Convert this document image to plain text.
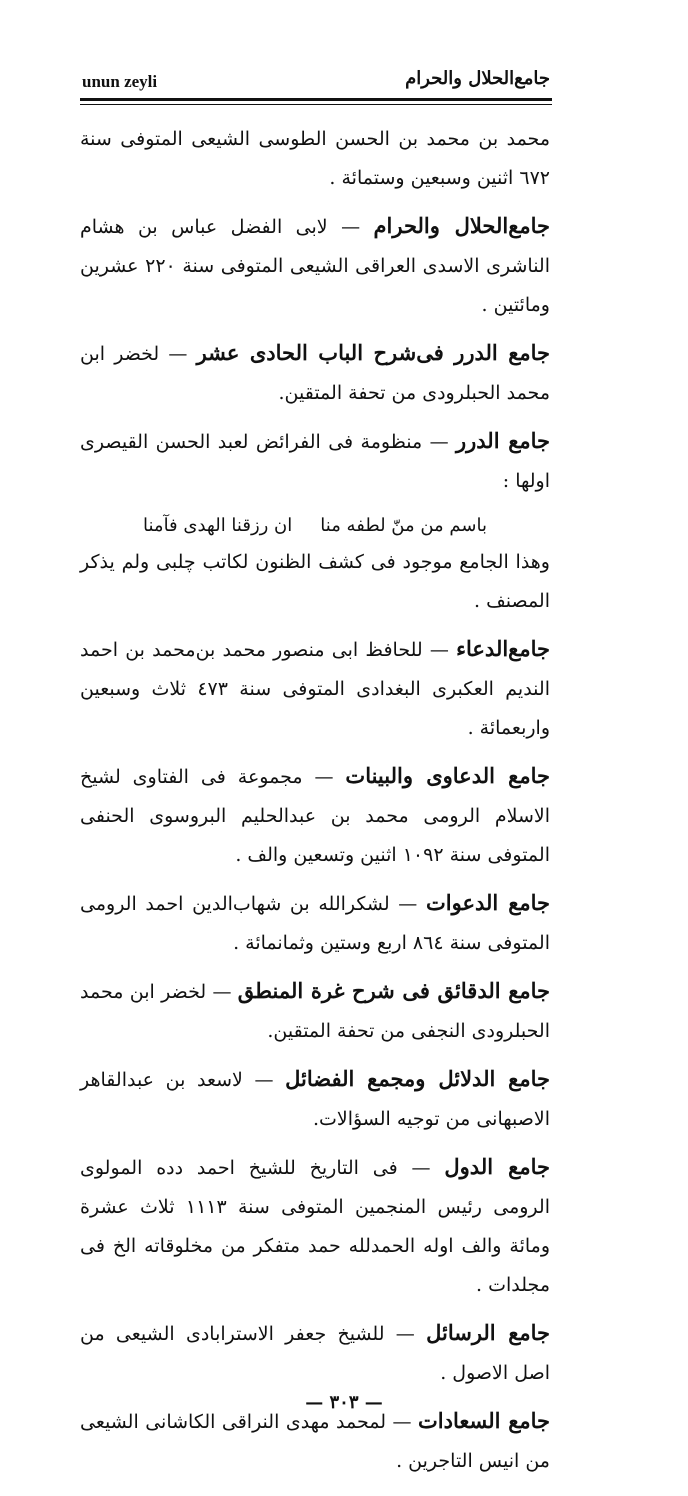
unun zeyli	جامع‌الحلال والحرام

محمد بن محمد بن الحسن الطوسى الشيعى المتوفى سنة ٦٧٢ اثنين وسبعين وستمائة .

جامع‌الحلال والحرام — لابى الفضل عباس بن هشام الناشرى الاسدى العراقى الشيعى المتوفى سنة ٢٢٠ عشرين ومائتين .

جامع الدرر فى‌شرح الباب الحادى عشر — لخضر ابن محمد الحبلرودى من تحفة المتقين.

جامع الدرر — منظومة فى الفرائض لعبد الحسن القيصرى اولها :

باسم من منّ لطفه مناان رزقنا الهدى فآمنا

وهذا الجامع موجود فى كشف الظنون لكاتب چلبى ولم يذكر المصنف .

جامع‌الدعاء — للحافظ ابى منصور محمد بن‌محمد بن احمد النديم العكبرى البغدادى المتوفى سنة ٤٧٣ ثلاث وسبعين واربعمائة .

جامع الدعاوى والبينات — مجموعة فى الفتاوى لشيخ الاسلام الرومى محمد بن عبدالحليم البروسوى الحنفى المتوفى سنة ١٠٩٢ اثنين وتسعين والف .

جامع الدعوات — لشكرالله بن شهاب‌الدين احمد الرومى المتوفى سنة ٨٦٤ اربع وستين وثمانمائة .

جامع الدقائق فى شرح غرة المنطق — لخضر ابن محمد الحبلرودى النجفى من تحفة المتقين.

جامع الدلائل ومجمع الفضائل — لاسعد بن عبدالقاهر الاصبهانى من توجيه السؤالات.

جامع الدول — فى التاريخ للشيخ احمد دده المولوى الرومى رئيس المنجمين المتوفى سنة ١١١٣ ثلاث عشرة ومائة والف اوله الحمدلله حمد متفكر من مخلوقاته الخ فى مجلدات .

جامع الرسائل — للشيخ جعفر الاسترابادى الشيعى من اصل الاصول .

جامع السعادات — لمحمد مهدى النراقى الكاشانى الشيعى من انيس التاجرين .

— ٣٠٣ —
